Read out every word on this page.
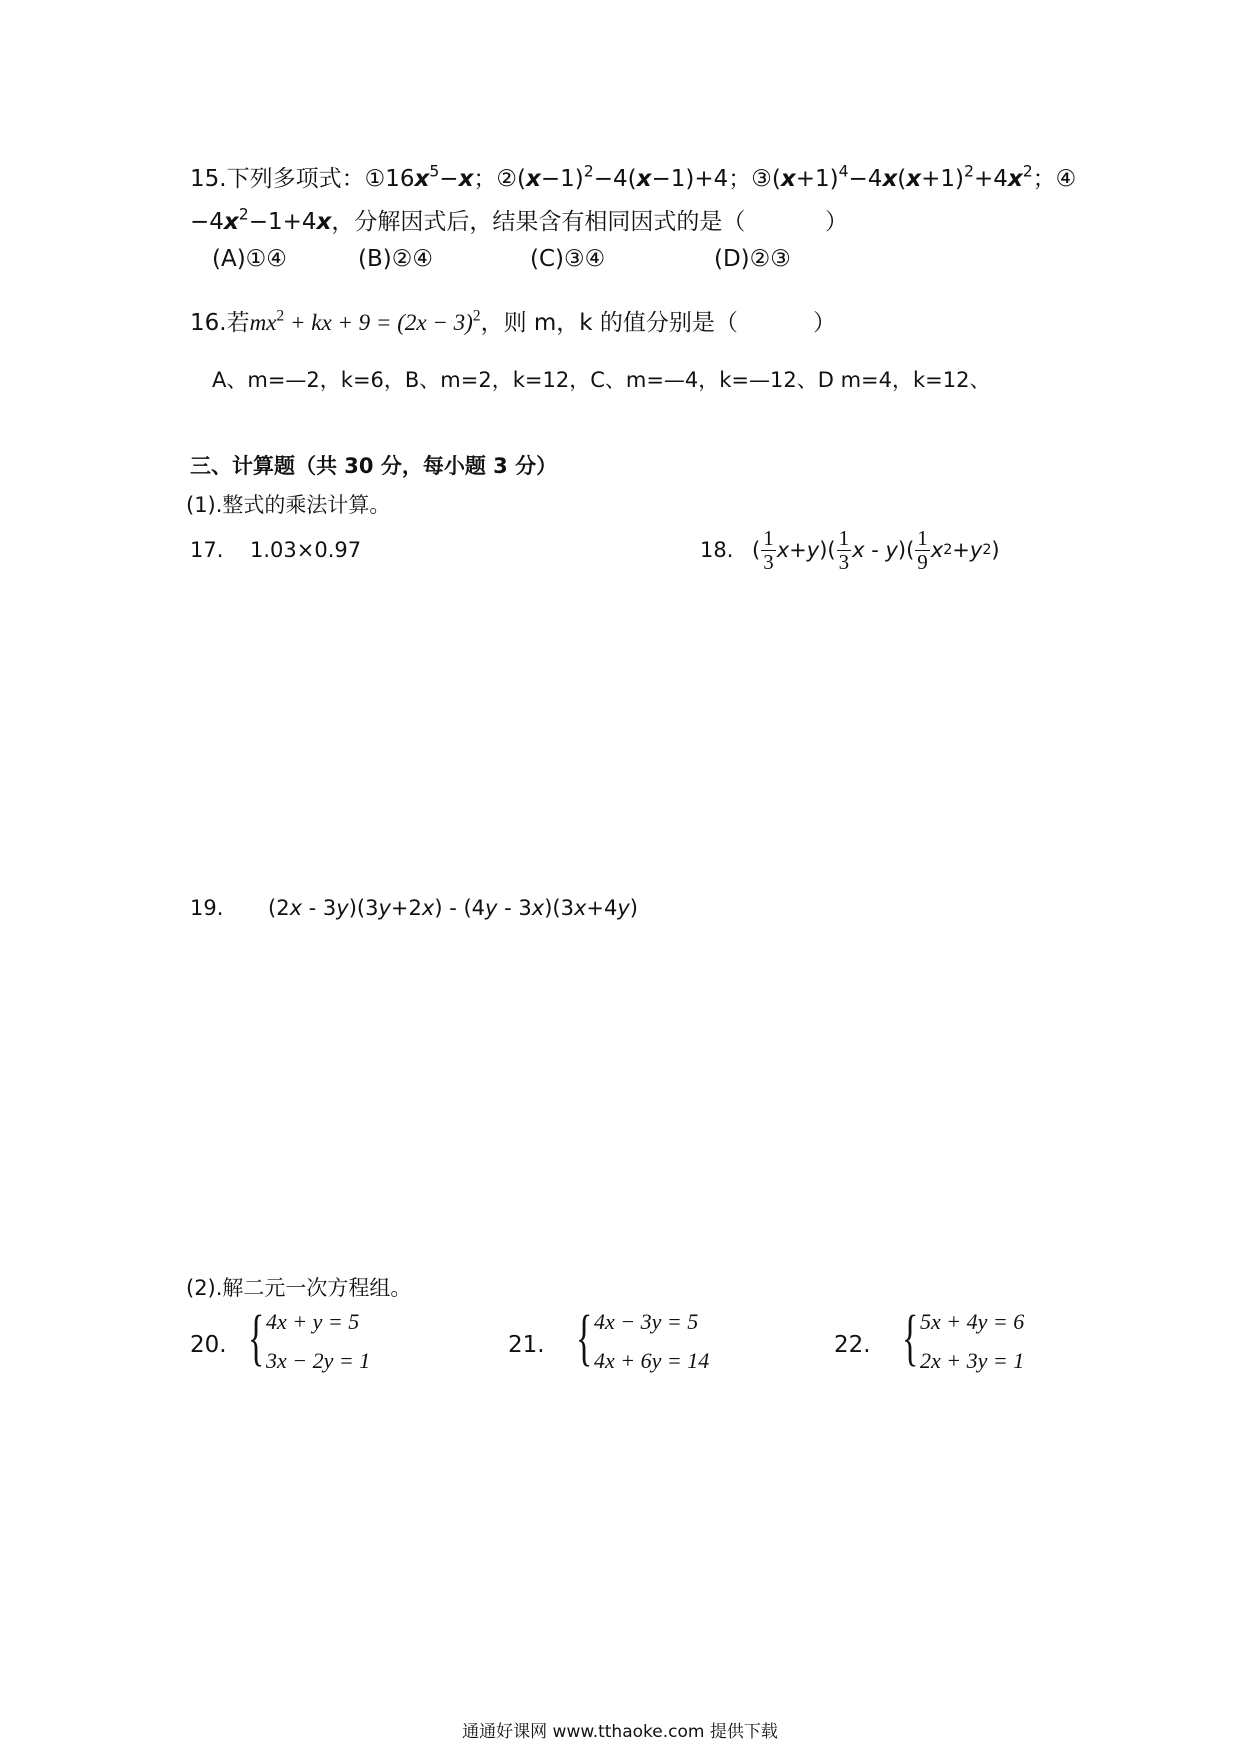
15.下列多项式：$①16x^5-x$；$②(x-1)^2-4(x-1)+4$；$③(x+1)^4-4x(x+1)^2+4x^2$；④
$-4x^2-1+4x$，分解因式后，结果含有相同因式的是（	）
(A)①④	(B)②④	(C)③④	(D)②③
16.若$mx^2$ + kx + $9 = (2x - 3)^2$，则 m，k 的值分别是（	）
A、m=—2，k=6，B、m=2，k=12，C、m=—4，k=—12、D m=4，k=12、
三、计算题（共 30 分，每小题 3 分）
(1).整式的乘法计算。
17. 1.03×0.97	18. ( $\frac{1}{3}$ x + y )( $\frac{1}{3}$ x - y )( $\frac{1}{9}$ x 2 + y 2 )
19. (2x - 3y)(3y+2x) - (4y - 3x)(3x+4y)
(2).解二元一次方程组。
20. { 4x + y = 5
3x − 2y = 1
21. { 4x − 3y = 5
4x + 6y = 14
22. { 5x + 4y = 6
2x + 3y = 1
通通好课网 www.tthaoke.com 提供下载
